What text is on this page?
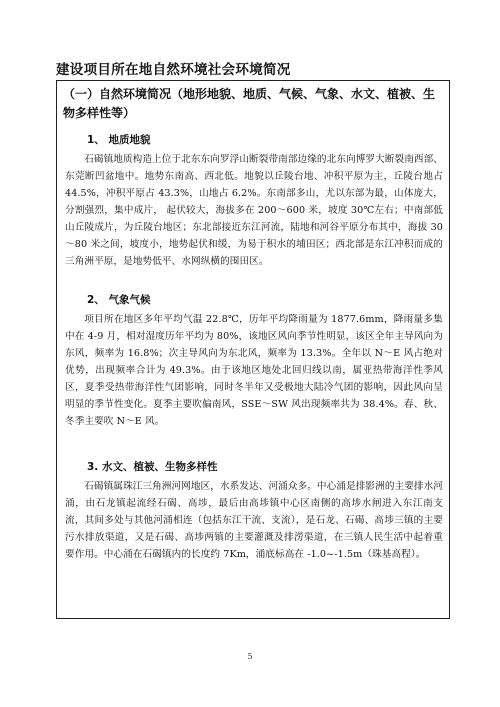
建设项目所在地自然环境社会环境简况
（一）自然环境简况（地形地貌、地质、气候、气象、水文、植被、生物多样性等）
1、 地质地貌
石碣镇地质构造上位于北东东向罗浮山断裂带南部边缘的北东向博罗大断裂南西部、东莞断凹盆地中。地势东南高、西北低。地貌以丘陵台地、冲积平原为主，丘陵台地占 44.5%，冲积平原占 43.3%，山地占 6.2%。东南部多山，尤以东部为最，山体庞大，分割强烈，集中成片， 起伏较大，海拔多在 200～600 米，坡度 30℃左右；中南部低山丘陵成片，为丘陵台地区；东北部接近东江河流，陆地和河谷平原分布其中，海拔 30～80 米之间，坡度小，地势起伏和缓，为易于积水的埔田区；西北部是东江冲积而成的三角洲平原，是地势低平、水网纵横的围田区。
2、 气象气候
项目所在地区多年平均气温 22.8℃，历年平均降雨量为 1877.6mm，降雨量多集中在 4-9 月，相对湿度历年平均为 80%，该地区风向季节性明显，该区全年主导风向为东风，频率为 16.8%；次主导风向为东北风，频率为 13.3%。全年以 N～E 风占绝对优势，出现频率合计为 49.3%。由于该地区地处北回归线以南，属亚热带海洋性季风区，夏季受热带海洋性气团影响，同时冬半年又受极地大陆冷气团的影响，因此风向呈明显的季节性变化。夏季主要吹偏南风，SSE～SW 风出现频率共为 38.4%。春、秋、冬季主要吹 N～E 风。
3. 水文、植被、生物多样性
石碣镇属珠江三角洲河网地区，水系发达、河涌众多。中心涌是排影洲的主要排水河涌，由石龙镇起流经石碣、高埗，最后由高埗镇中心区南侧的高埗水闸进入东江南支流，其间多处与其他河涌相连（包括东江干流、支流），是石龙、石碣、高埗三镇的主要污水排放渠道，又是石碣、高埗两镇的主要灌溉及排涝渠道，在三镇人民生活中起着重要作用。中心涌在石碣镇内的长度约 7Km，涌底标高在 -1.0~-1.5m（珠基高程）。
5
